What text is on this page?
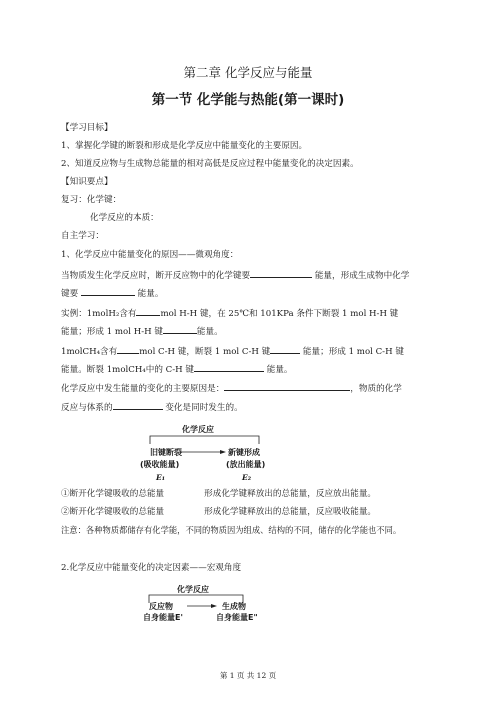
第二章 化学反应与能量
第一节 化学能与热能(第一课时)
【学习目标】
1、掌握化学键的断裂和形成是化学反应中能量变化的主要原因。
2、知道反应物与生成物总能量的相对高低是反应过程中能量变化的决定因素。
【知识要点】
复习：化学键：
化学反应的本质：
自主学习：
1、化学反应中能量变化的原因——微观角度：
当物质发生化学反应时，断开反应物中的化学键要	能量，形成生成物中化学
键要	能量。
实例：1molH₂含有	mol H-H 键，在 25℃和 101KPa 条件下断裂 1 mol H-H 键
能量；形成 1 mol H-H 键	能量。
1molCH₄含有	mol C-H 键，断裂 1 mol C-H 键	能量；形成 1 mol C-H 键
能量。断裂 1molCH₄中的 C-H 键	能量。
化学反应中发生能量的变化的主要原因是：	，物质的化学
反应与体系的	变化是同时发生的。
化学反应
旧键断裂
(吸收能量)
新键形成
(放出能量)
E₁	E₂
①断开化学键吸收的总能量	形成化学键释放出的总能量，反应放出能量。
②断开化学键吸收的总能量	形成化学键释放出的总能量，反应吸收能量。
注意：各种物质都储存有化学能，不同的物质因为组成、结构的不同，储存的化学能也不同。
2.化学反应中能量变化的决定因素——宏观角度
化学反应
反应物
自身能量E'
生成物
自身能量E"
第 1 页 共 12 页
